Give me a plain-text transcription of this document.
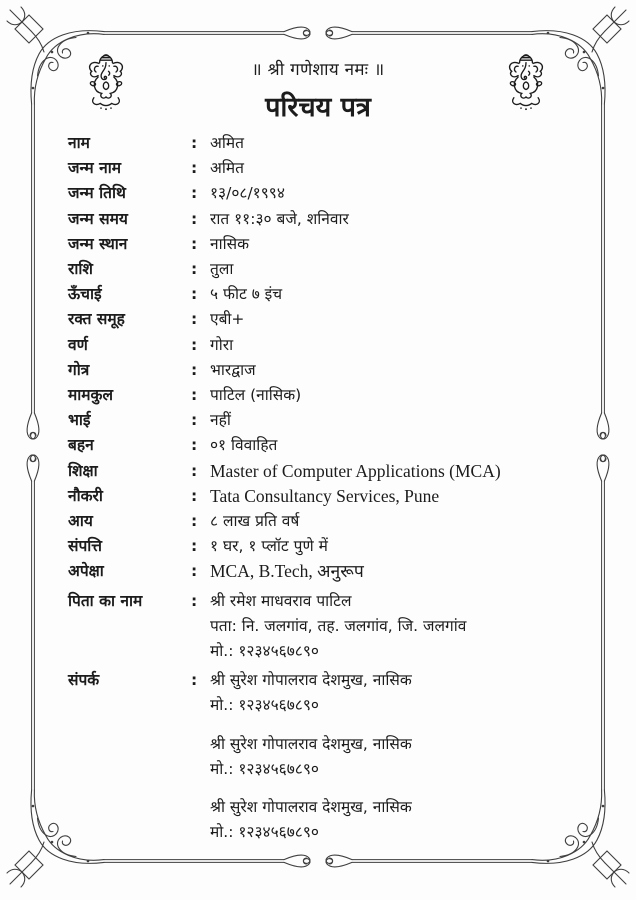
॥ श्री गणेशाय नमः ॥
परिचय पत्र
नाम	: अमित
जन्म नाम	: अमित
जन्म तिथि	: १३/०८/१९९४
जन्म समय	: रात ११:३० बजे, शनिवार
जन्म स्थान	: नासिक
राशि	: तुला
ऊँचाई	: ५ फीट ७ इंच
रक्त समूह	: एबी+
वर्ण	: गोरा
गोत्र	: भारद्वाज
मामकुल	: पाटिल (नासिक)
भाई	: नहीं
बहन	: ०१ विवाहित
शिक्षा	: Master of Computer Applications (MCA)
नौकरी	: Tata Consultancy Services, Pune
आय	: ८ लाख प्रति वर्ष
संपत्ति	: १ घर, १ प्लॉट पुणे में
अपेक्षा	: MCA, B.Tech, अनुरूप
पिता का नाम	: श्री रमेश माधवराव पाटिल
पता: नि. जलगांव, तह. जलगांव, जि. जलगांव
मो.: १२३४५६७८९०
संपर्क	: श्री सुरेश गोपालराव देशमुख, नासिक
मो.: १२३४५६७८९०
श्री सुरेश गोपालराव देशमुख, नासिक
मो.: १२३४५६७८९०
श्री सुरेश गोपालराव देशमुख, नासिक
मो.: १२३४५६७८९०
